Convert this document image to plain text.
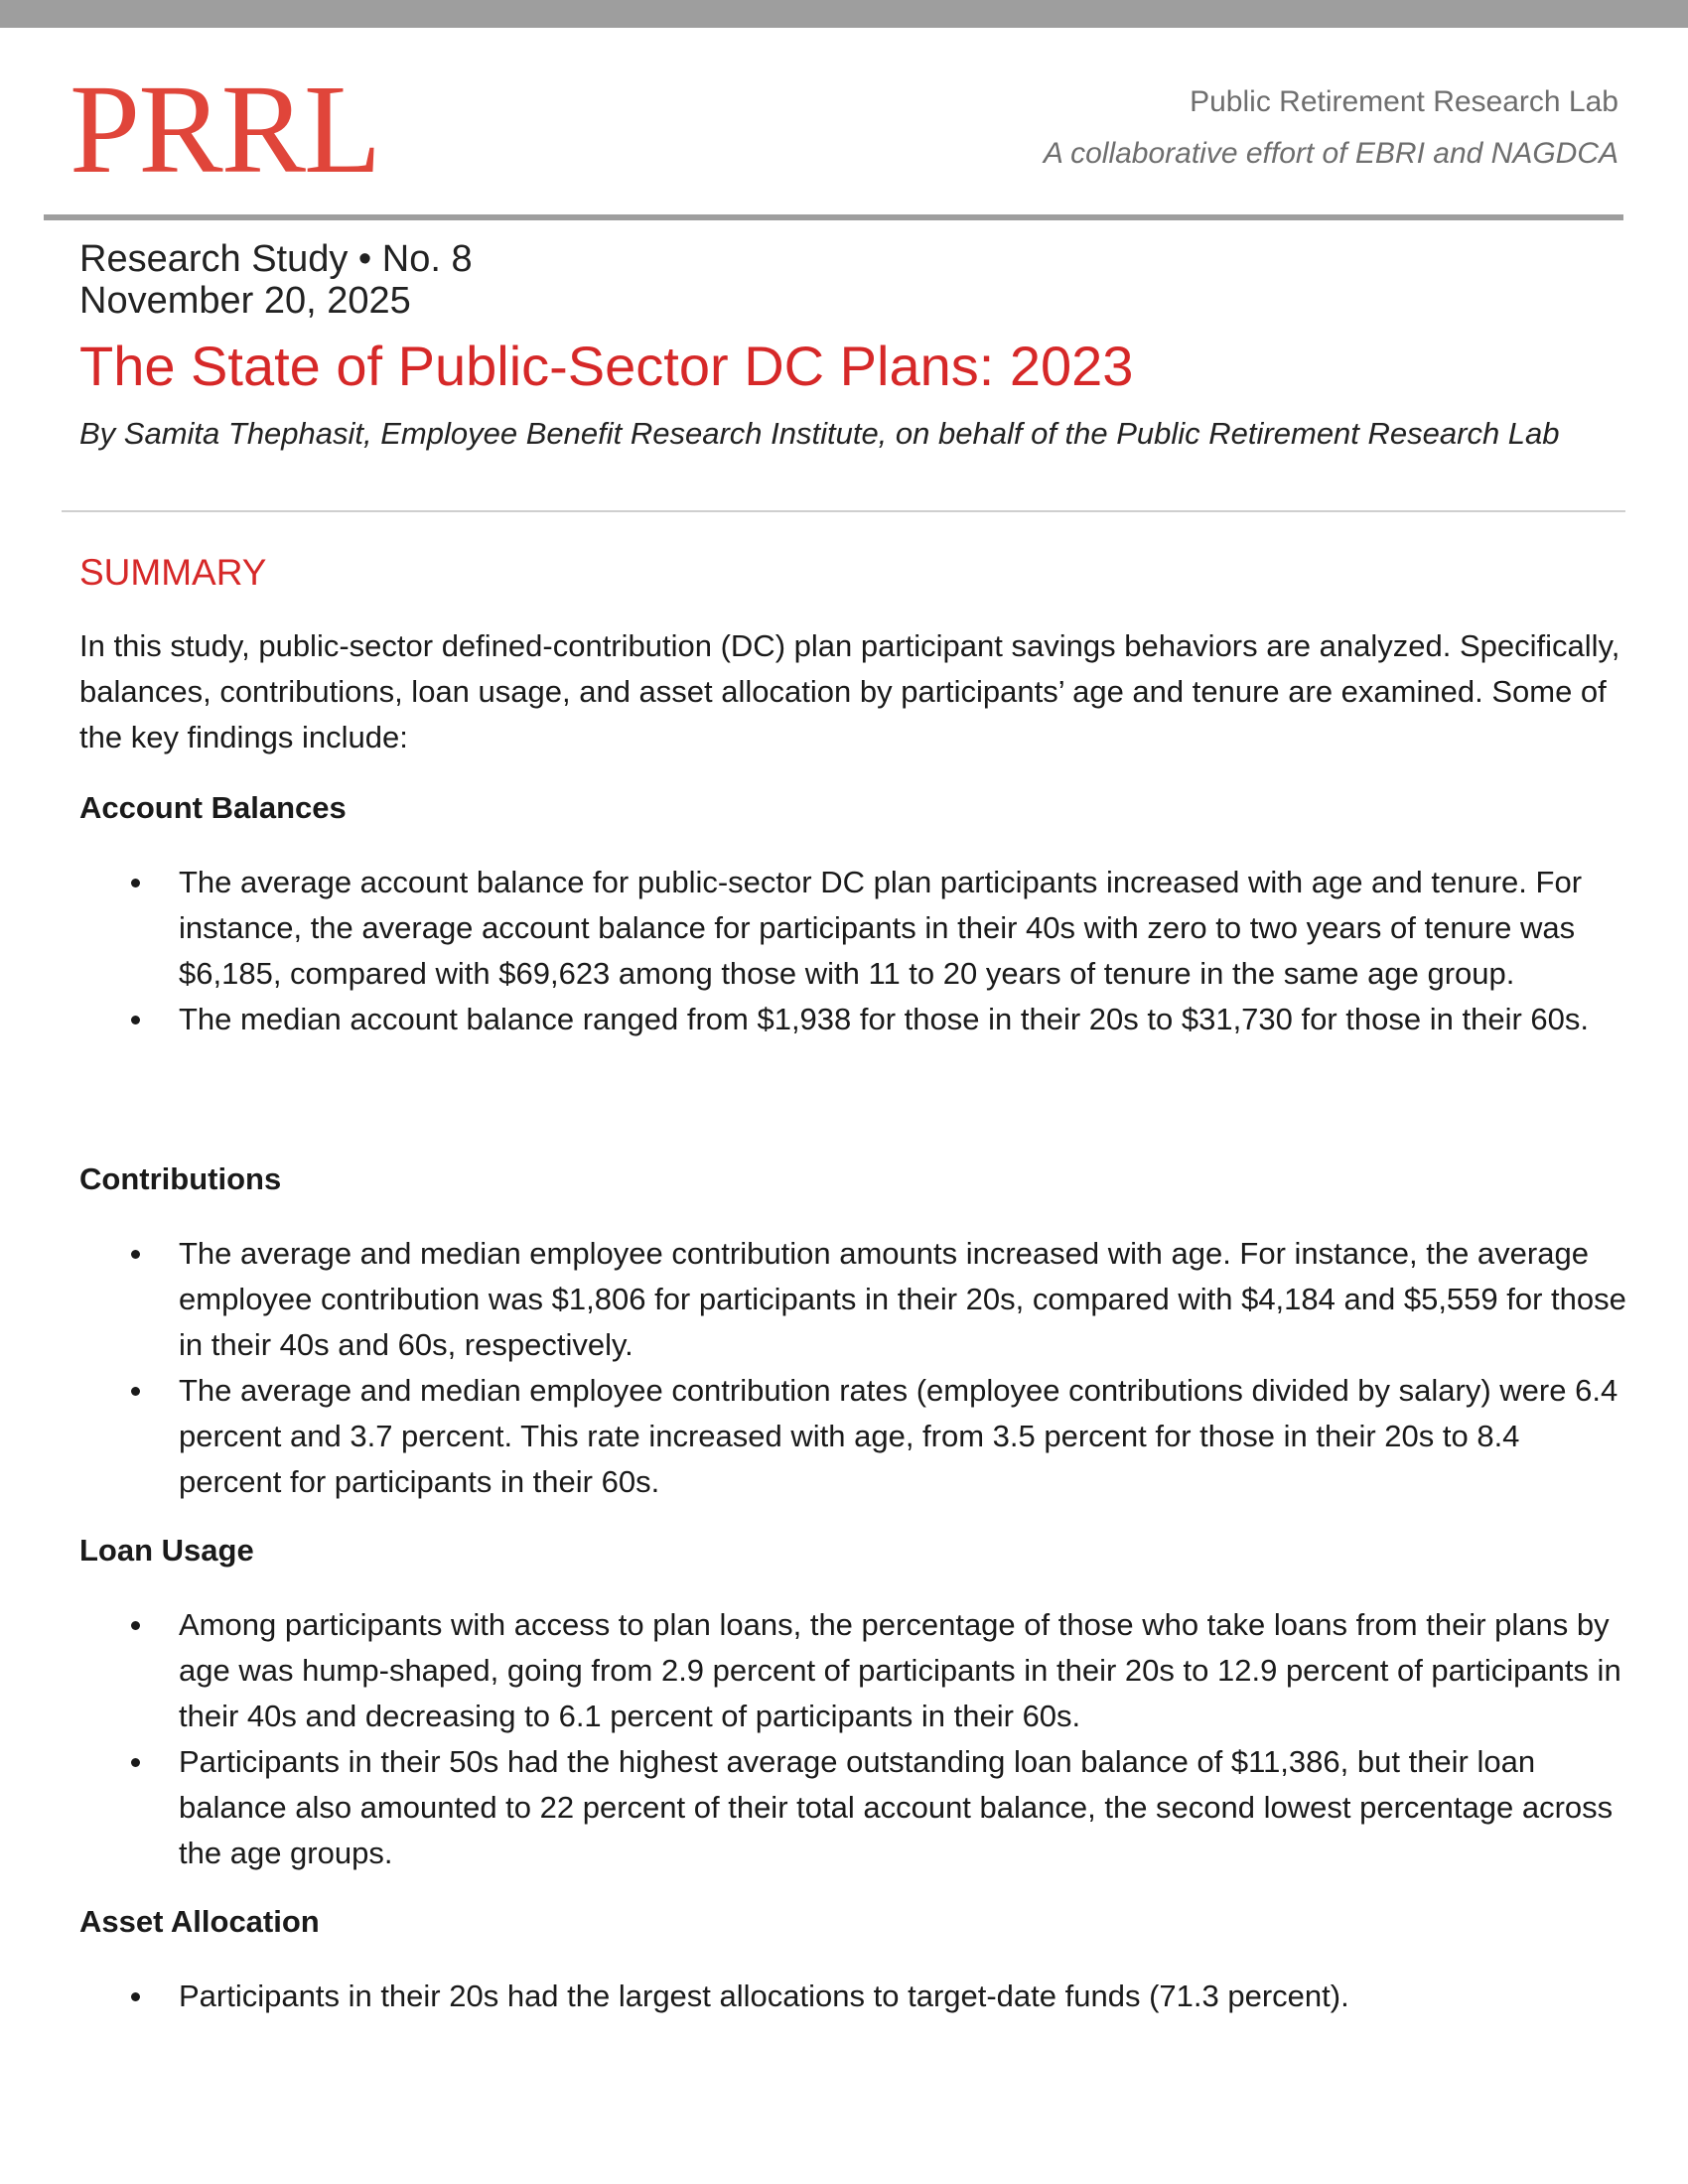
PRRL	Public Retirement Research Lab
A collaborative effort of EBRI and NAGDCA
Research Study • No. 8
November 20, 2025
The State of Public-Sector DC Plans: 2023
By Samita Thephasit, Employee Benefit Research Institute, on behalf of the Public Retirement Research Lab
SUMMARY
In this study, public-sector defined-contribution (DC) plan participant savings behaviors are analyzed. Specifically, balances, contributions, loan usage, and asset allocation by participants’ age and tenure are examined. Some of the key findings include:
Account Balances
The average account balance for public-sector DC plan participants increased with age and tenure. For instance, the average account balance for participants in their 40s with zero to two years of tenure was $6,185, compared with $69,623 among those with 11 to 20 years of tenure in the same age group.
The median account balance ranged from $1,938 for those in their 20s to $31,730 for those in their 60s.
Contributions
The average and median employee contribution amounts increased with age. For instance, the average employee contribution was $1,806 for participants in their 20s, compared with $4,184 and $5,559 for those in their 40s and 60s, respectively.
The average and median employee contribution rates (employee contributions divided by salary) were 6.4 percent and 3.7 percent. This rate increased with age, from 3.5 percent for those in their 20s to 8.4 percent for participants in their 60s.
Loan Usage
Among participants with access to plan loans, the percentage of those who take loans from their plans by age was hump-shaped, going from 2.9 percent of participants in their 20s to 12.9 percent of participants in their 40s and decreasing to 6.1 percent of participants in their 60s.
Participants in their 50s had the highest average outstanding loan balance of $11,386, but their loan balance also amounted to 22 percent of their total account balance, the second lowest percentage across the age groups.
Asset Allocation
Participants in their 20s had the largest allocations to target-date funds (71.3 percent).
